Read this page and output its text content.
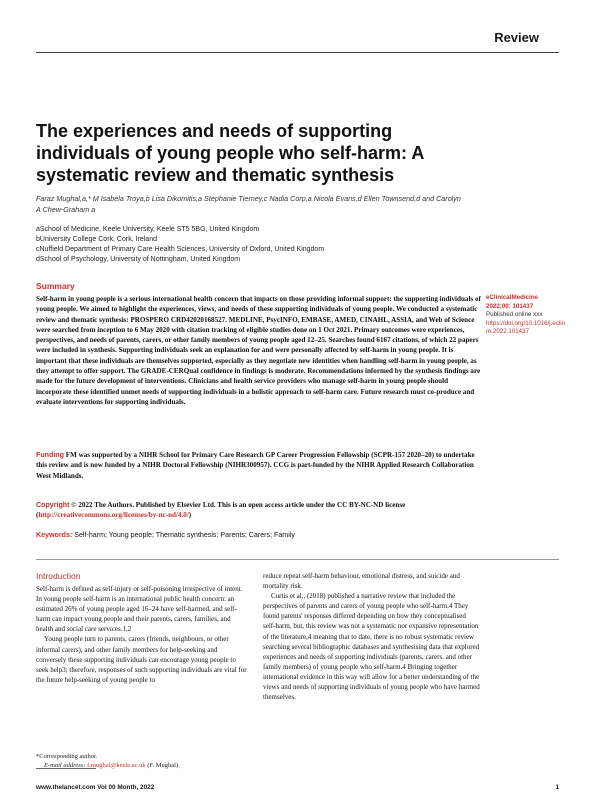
Review
The experiences and needs of supporting individuals of young people who self-harm: A systematic review and thematic synthesis
Faraz Mughal,a,* M Isabela Troya,b Lisa Dikomitis,a Stephanie Tierney,c Nadia Corp,a Nicola Evans,d Ellen Townsend,d and Carolyn A Chew-Graham a
aSchool of Medicine, Keele University, Keele ST5 5BG, United Kingdom
bUniversity College Cork, Cork, Ireland
cNuffield Department of Primary Care Health Sciences, University of Oxford, United Kingdom
dSchool of Psychology, University of Nottingham, United Kingdom
Summary
Self-harm in young people is a serious international health concern that impacts on those providing informal support: the supporting individuals of young people. We aimed to highlight the experiences, views, and needs of these supporting individuals of young people. We conducted a systematic review and thematic synthesis: PROSPERO CRD42020168527. MEDLINE, PsycINFO, EMBASE, AMED, CINAHL, ASSIA, and Web of Science were searched from inception to 6 May 2020 with citation tracking of eligible studies done on 1 Oct 2021. Primary outcomes were experiences, perspectives, and needs of parents, carers, or other family members of young people aged 12–25. Searches found 6167 citations, of which 22 papers were included in synthesis. Supporting individuals seek an explanation for and were personally affected by self-harm in young people. It is important that these individuals are themselves supported, especially as they negotiate new identities when handling self-harm in young people, as they attempt to offer support. The GRADE-CERQual confidence in findings is moderate. Recommendations informed by the synthesis findings are made for the future development of interventions. Clinicians and health service providers who manage self-harm in young people should incorporate these identified unmet needs of supporting individuals in a holistic approach to self-harm care. Future research must co-produce and evaluate interventions for supporting individuals.
eClinicalMedicine
2022;00: 101437
Published online xxx
https://doi.org/10.1016/j.eclinm.2022.101437
Funding FM was supported by a NIHR School for Primary Care Research GP Career Progression Fellowship (SCPR-157 2020–20) to undertake this review and is now funded by a NIHR Doctoral Fellowship (NIHR300957). CCG is part-funded by the NIHR Applied Research Collaboration West Midlands.
Copyright © 2022 The Authors. Published by Elsevier Ltd. This is an open access article under the CC BY-NC-ND license (http://creativecommons.org/licenses/by-nc-nd/4.0/)
Keywords: Self-harm; Young people; Thematic synthesis; Parents; Carers; Family
Introduction

Self-harm is defined as self-injury or self-poisoning irrespective of intent. In young people self-harm is an international public health concern: an estimated 26% of young people aged 16–24 have self-harmed, and self-harm can impact young people and their parents, carers, families, and health and social care services.1,2

Young people turn to parents, carers (friends, neighbours, or other informal carers), and other family members for help-seeking and conversely these supporting individuals can encourage young people to seek help3; therefore, responses of such supporting individuals are vital for the future help-seeking of young people to

reduce repeat self-harm behaviour, emotional distress, and suicide and mortality risk.

Curtis et al., (2018) published a narrative review that included the perspectives of parents and carers of young people who self-harm.4 They found parents' responses differed depending on how they conceptualised self-harm, but, this review was not a systematic nor expansive representation of the literature,4 meaning that to date, there is no robust systematic review searching several bibliographic databases and synthesising data that explored experiences and needs of supporting individuals (parents, carers, and other family members) of young people who self-harm.4 Bringing together international evidence in this way will allow for a better understanding of the views and needs of supporting individuals of young people who have harmed themselves.

*Corresponding author.
E-mail address: f.mughal@keele.ac.uk (F. Mughal).
www.thelancet.com Vol 00 Month, 2022	1
